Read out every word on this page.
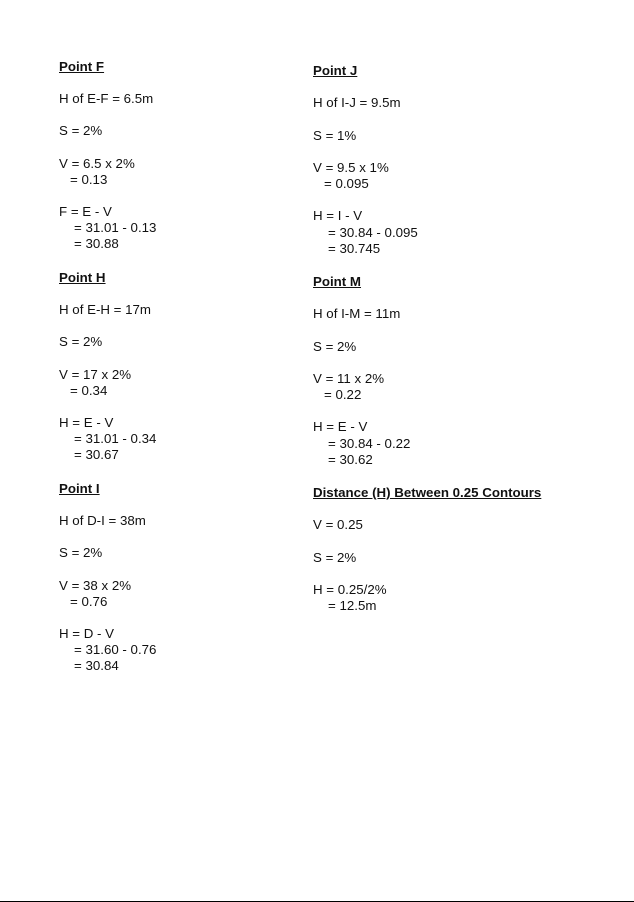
Point F
H of E-F = 6.5m
S = 2%
V = 6.5 x 2%
= 0.13
F = E - V
= 31.01 - 0.13
= 30.88
Point H
H of E-H = 17m
S = 2%
V = 17 x 2%
= 0.34
H = E - V
= 31.01 - 0.34
= 30.67
Point I
H of D-I = 38m
S = 2%
V = 38 x 2%
= 0.76
H = D - V
= 31.60 - 0.76
= 30.84
Point J
H of I-J = 9.5m
S = 1%
V = 9.5 x 1%
= 0.095
H = I - V
= 30.84 - 0.095
= 30.745
Point M
H of I-M = 11m
S = 2%
V = 11 x 2%
= 0.22
H = E - V
= 30.84 - 0.22
= 30.62
Distance (H) Between 0.25 Contours
V = 0.25
S = 2%
H = 0.25/2%
= 12.5m
